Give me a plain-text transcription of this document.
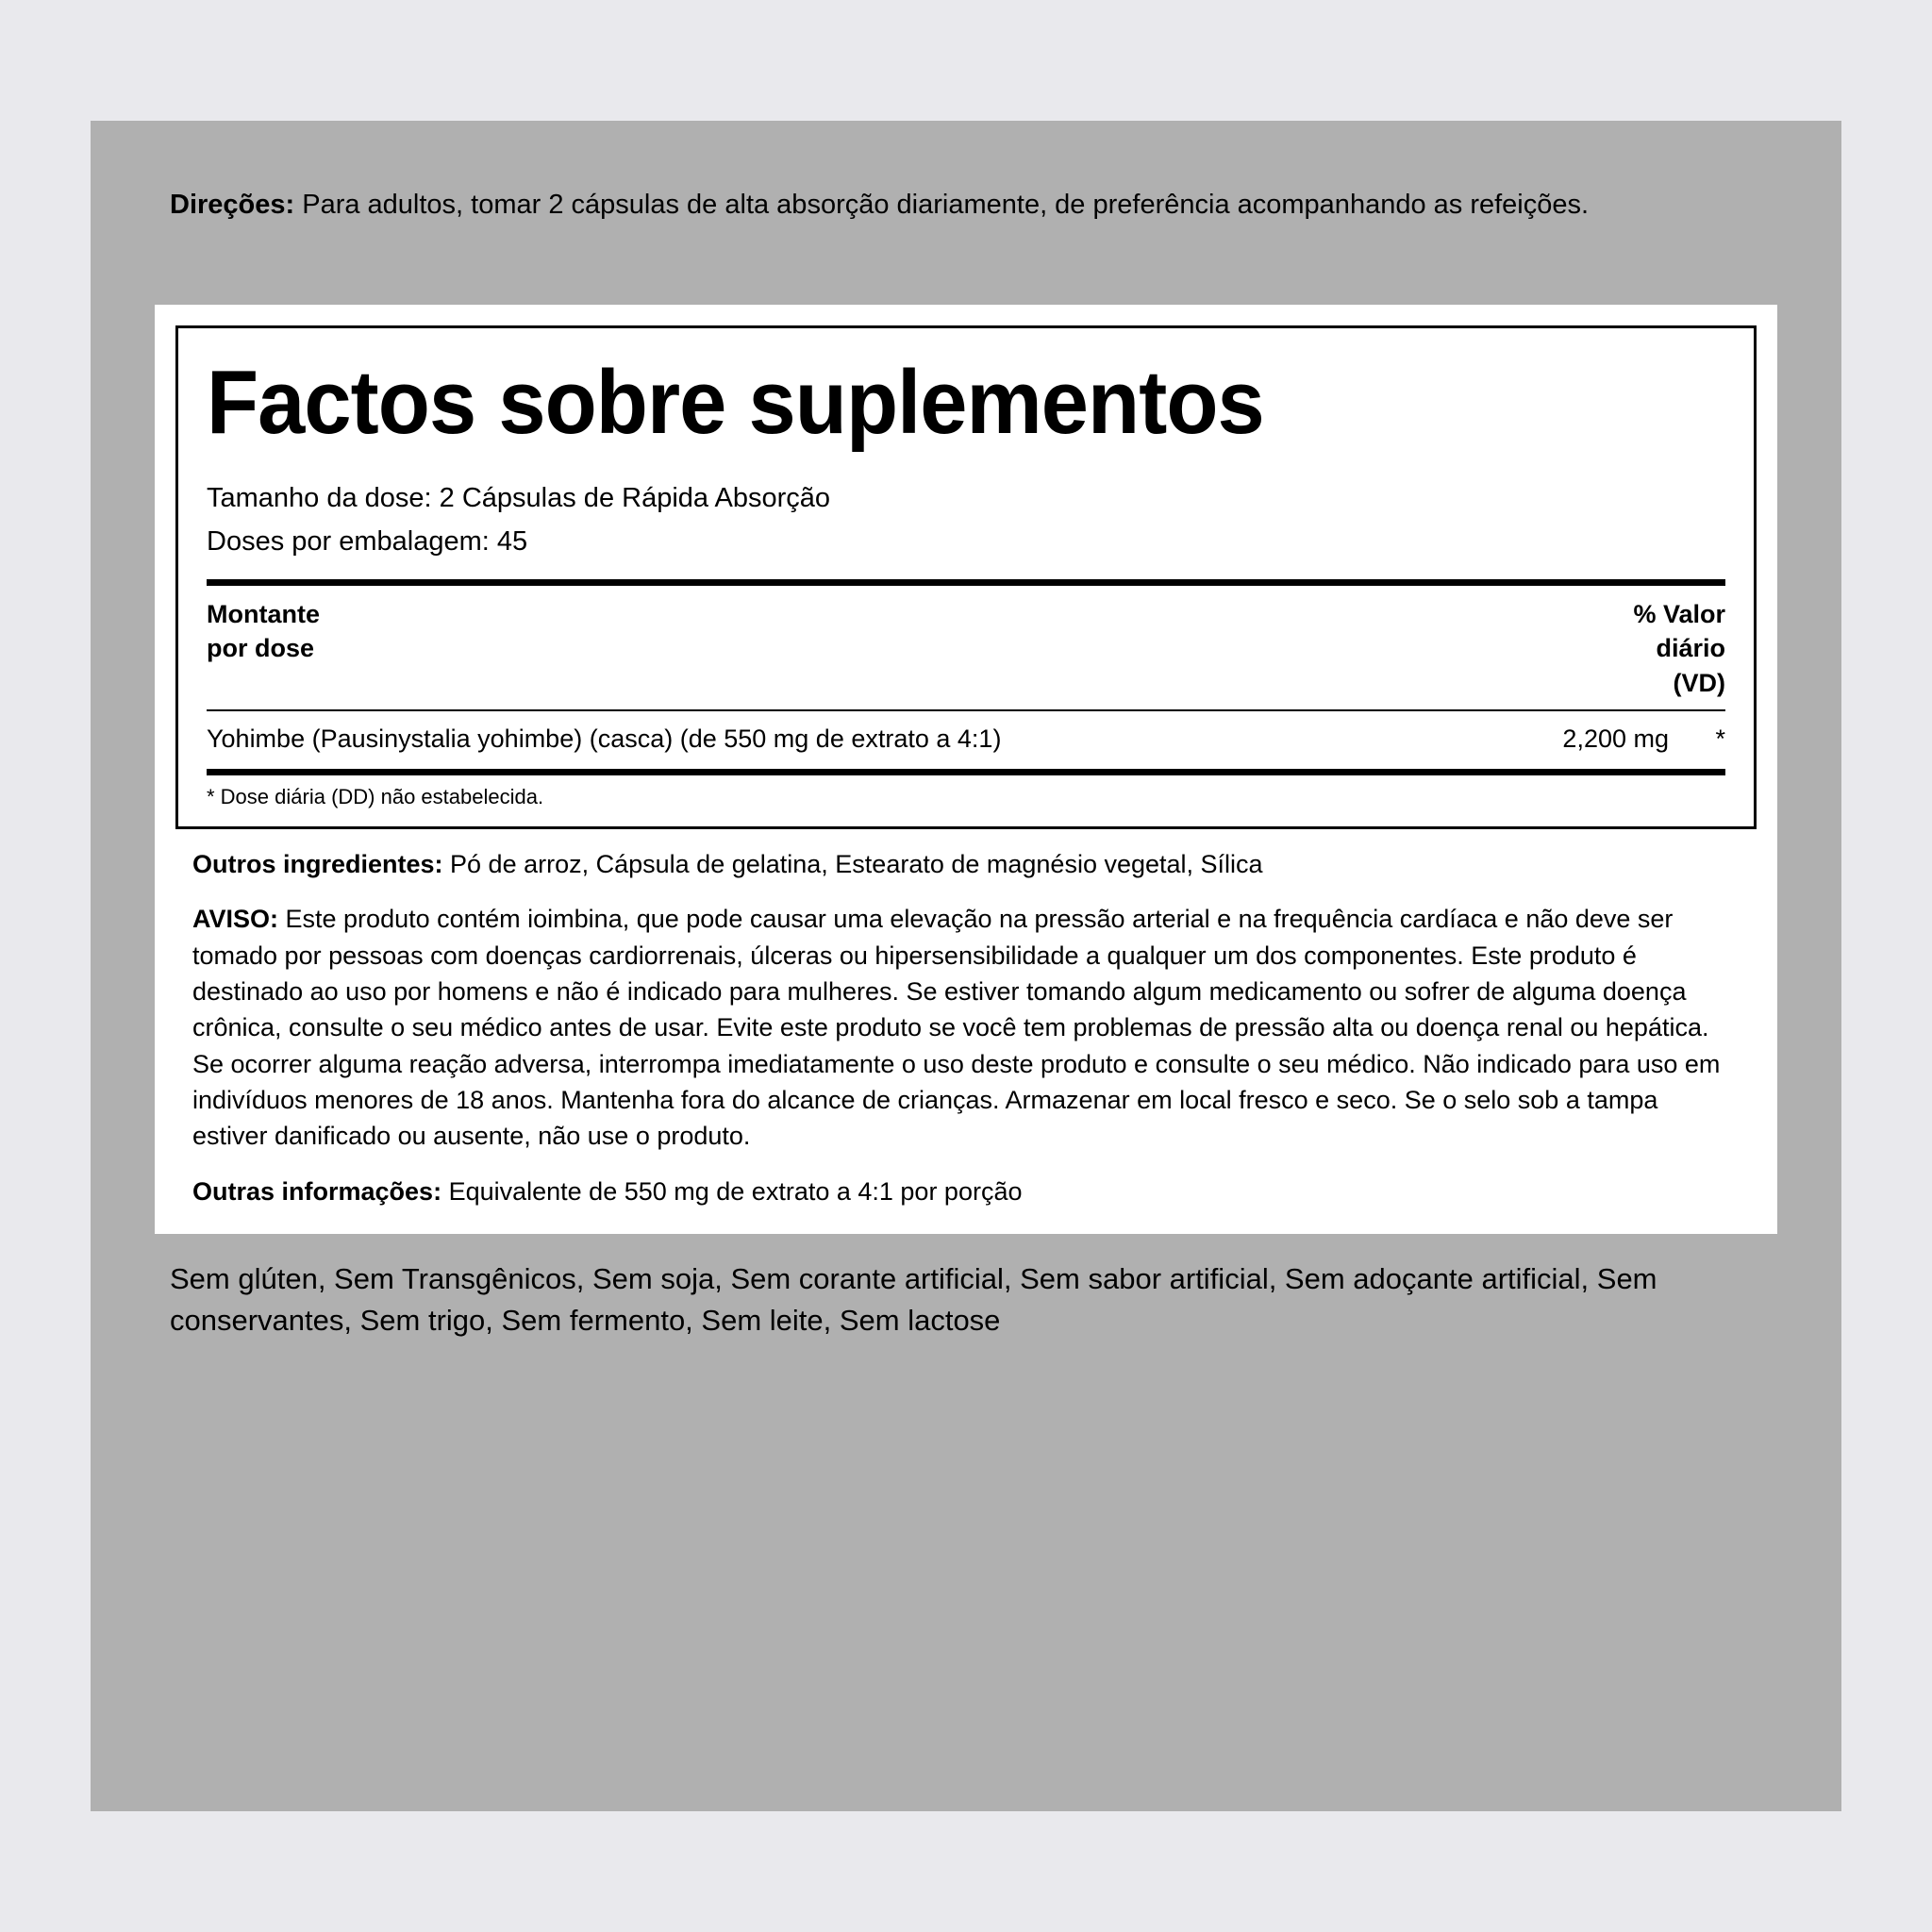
Direções: Para adultos, tomar 2 cápsulas de alta absorção diariamente, de preferência acompanhando as refeições.
Factos sobre suplementos
Tamanho da dose: 2 Cápsulas de Rápida Absorção
Doses por embalagem: 45
Montante
por dose
% Valor
diário
(VD)
Yohimbe (Pausinystalia yohimbe) (casca) (de 550 mg de extrato a 4:1)	2,200 mg	*
* Dose diária (DD) não estabelecida.

Outros ingredientes: Pó de arroz, Cápsula de gelatina, Estearato de magnésio vegetal, Sílica

AVISO: Este produto contém ioimbina, que pode causar uma elevação na pressão arterial e na frequência cardíaca e não deve ser tomado por pessoas com doenças cardiorrenais, úlceras ou hipersensibilidade a qualquer um dos componentes. Este produto é destinado ao uso por homens e não é indicado para mulheres. Se estiver tomando algum medicamento ou sofrer de alguma doença crônica, consulte o seu médico antes de usar. Evite este produto se você tem problemas de pressão alta ou doença renal ou hepática. Se ocorrer alguma reação adversa, interrompa imediatamente o uso deste produto e consulte o seu médico. Não indicado para uso em indivíduos menores de 18 anos. Mantenha fora do alcance de crianças. Armazenar em local fresco e seco. Se o selo sob a tampa estiver danificado ou ausente, não use o produto.

Outras informações: Equivalente de 550 mg de extrato a 4:1 por porção

Sem glúten, Sem Transgênicos, Sem soja, Sem corante artificial, Sem sabor artificial, Sem adoçante artificial, Sem conservantes, Sem trigo, Sem fermento, Sem leite, Sem lactose
